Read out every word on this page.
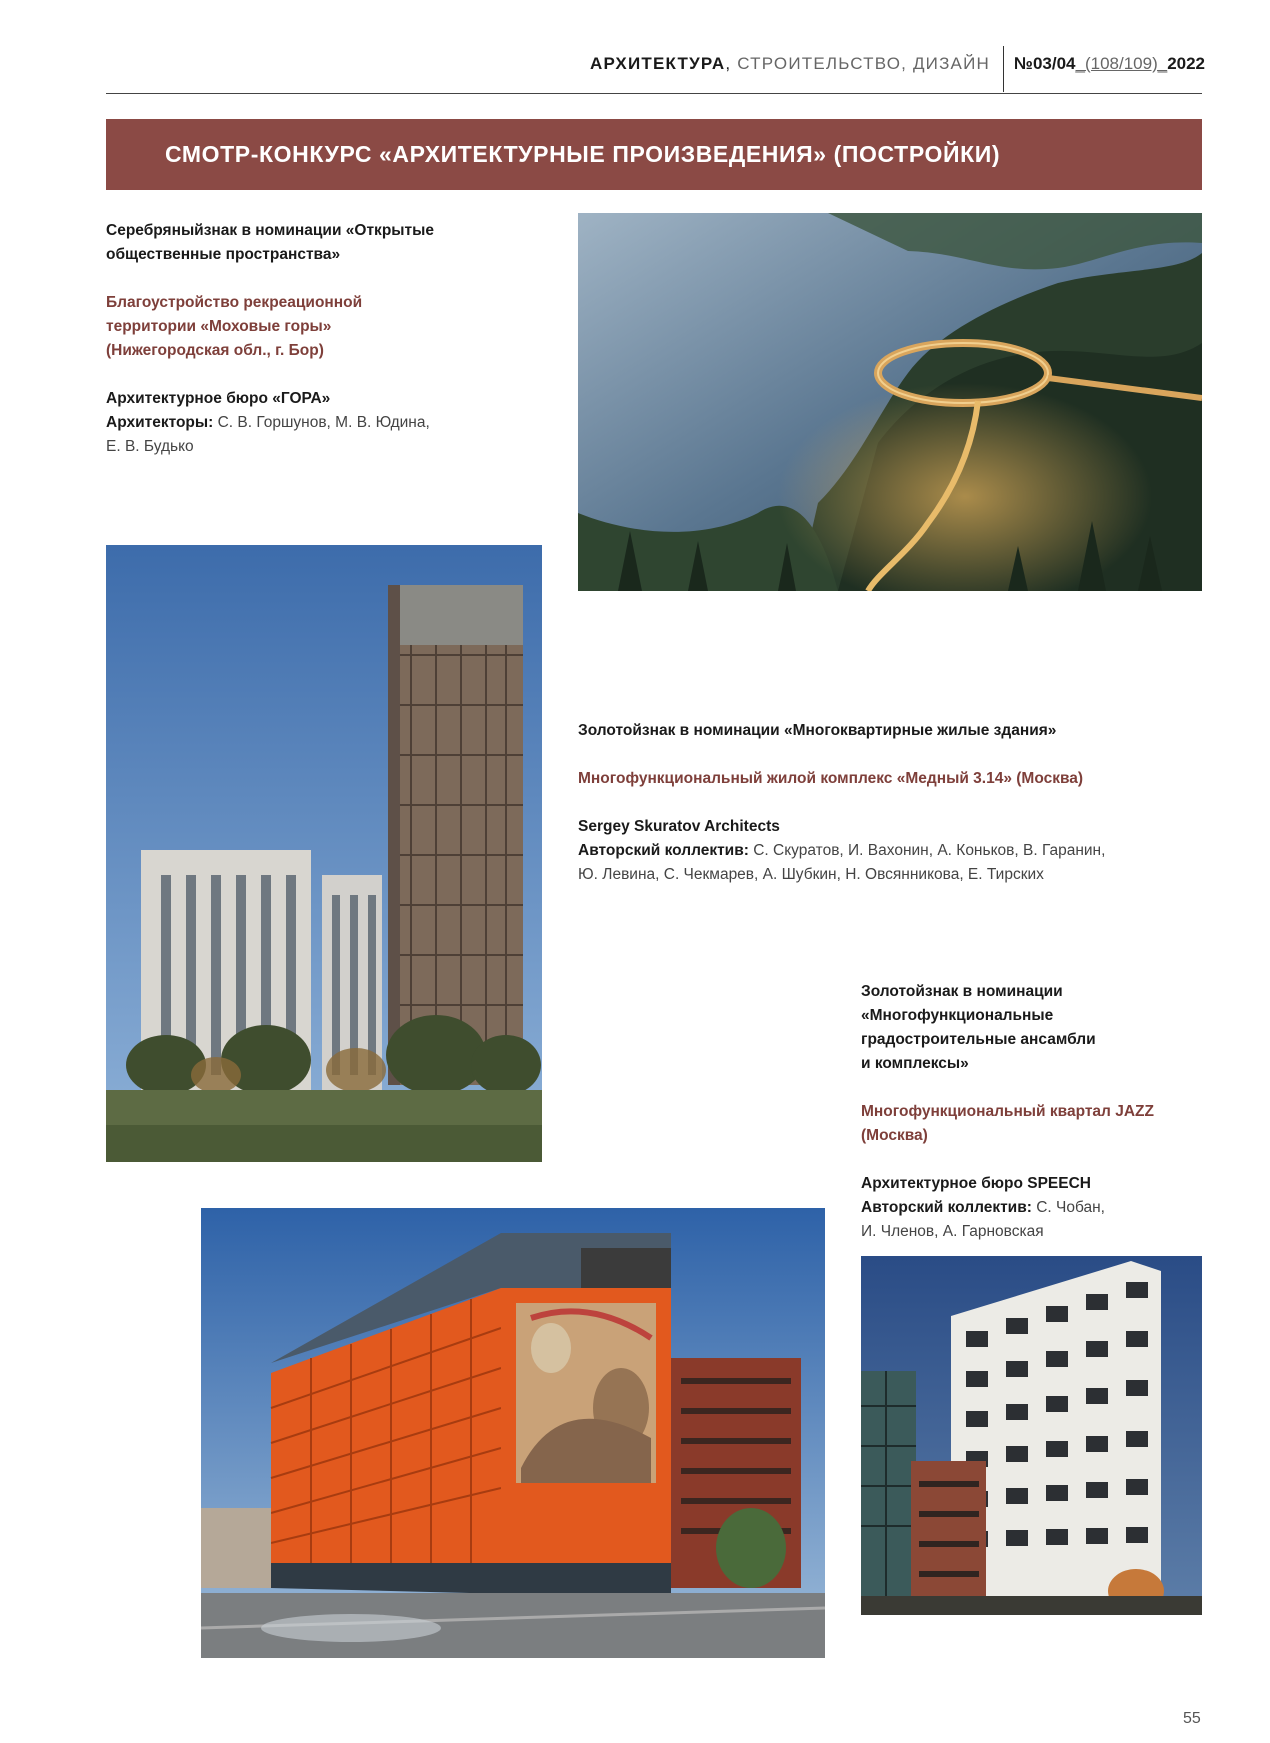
АРХИТЕКТУРА, СТРОИТЕЛЬСТВО, ДИЗАЙН №03/04_(108/109)_2022
СМОТР-КОНКУРС «АРХИТЕКТУРНЫЕ ПРОИЗВЕДЕНИЯ» (ПОСТРОЙКИ)
Серебряныйзнак в номинации «Открытые
общественные пространства»
Благоустройство рекреационной
территории «Моховые горы»
(Нижегородская обл., г. Бор)
Архитектурное бюро «ГОРА»
Архитекторы: С. В. Горшунов, М. В. Юдина,
Е. В. Будько
Золотойзнак в номинации «Многоквартирные жилые здания»
Многофункциональный жилой комплекс «Медный 3.14» (Москва)
Sergey Skuratov Architects
Авторский коллектив: С. Скуратов, И. Вахонин, А. Коньков, В. Гаранин,
Ю. Левина, С. Чекмарев, А. Шубкин, Н. Овсянникова, Е. Тирских
Золотойзнак в номинации
«Многофункциональные
градостроительные ансамбли
и комплексы»
Многофункциональный квартал JAZZ
(Москва)
Архитектурное бюро SPEECH
Авторский коллектив: С. Чобан,
И. Членов, А. Гарновская
55
